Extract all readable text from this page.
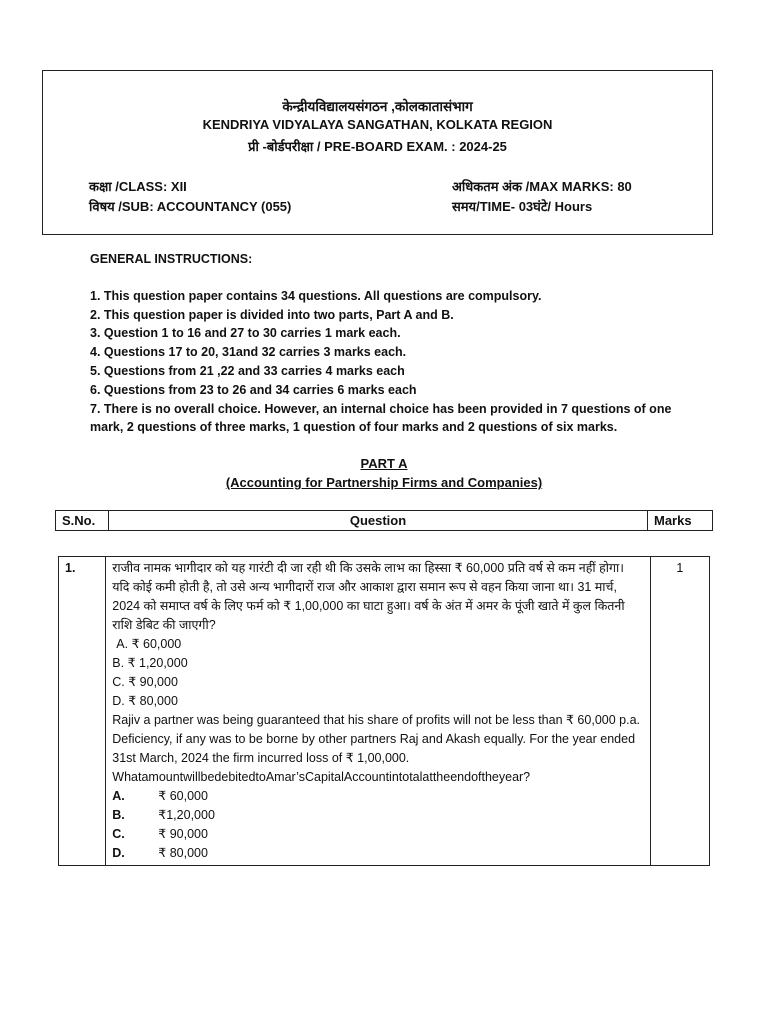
केन्द्रीयविद्यालयसंगठन ,कोलकातासंभाग
KENDRIYA VIDYALAYA SANGATHAN, KOLKATA REGION
प्री -बोर्डपरीक्षा / PRE-BOARD EXAM. : 2024-25
कक्षा /CLASS: XII
विषय /SUB: ACCOUNTANCY (055)
अधिकतम अंक /MAX MARKS: 80
समय/TIME- 03घंटे/ Hours
GENERAL INSTRUCTIONS:
1. This question paper contains 34 questions. All questions are compulsory.
2. This question paper is divided into two parts, Part A and B.
3. Question 1 to 16 and 27 to 30 carries 1 mark each.
4. Questions 17 to 20, 31and 32 carries 3 marks each.
5. Questions from 21 ,22 and 33 carries 4 marks each
6. Questions from 23 to 26 and 34 carries 6 marks each
7. There is no overall choice. However, an internal choice has been provided in 7 questions of one mark, 2 questions of three marks, 1 question of four marks and 2 questions of six marks.
PART A
(Accounting for Partnership Firms and Companies)
S.No.	Question	Marks
1.	राजीव नामक भागीदार को यह गारंटी दी जा रही थी कि उसके लाभ का हिस्सा ₹ 60,000 प्रति वर्ष से कम नहीं होगा। यदि कोई कमी होती है, तो उसे अन्य भागीदारों राज और आकाश द्वारा समान रूप से वहन किया जाना था। 31 मार्च, 2024 को समाप्त वर्ष के लिए फर्म को ₹ 1,00,000 का घाटा हुआ। वर्ष के अंत में अमर के पूंजी खाते में कुल कितनी राशि डेबिट की जाएगी?
A. ₹ 60,000
B. ₹ 1,20,000
C. ₹ 90,000
D. ₹ 80,000
Rajiv a partner was being guaranteed that his share of profits will not be less than ₹ 60,000 p.a. Deficiency, if any was to be borne by other partners Raj and Akash equally. For the year ended 31st March, 2024 the firm incurred loss of ₹ 1,00,000.
WhatamountwillbedebitedtoAmar’sCapitalAccountintotalattheendoftheyear?
A.	₹ 60,000
B.	₹1,20,000
C.	₹ 90,000
D.	₹ 80,000
	1
